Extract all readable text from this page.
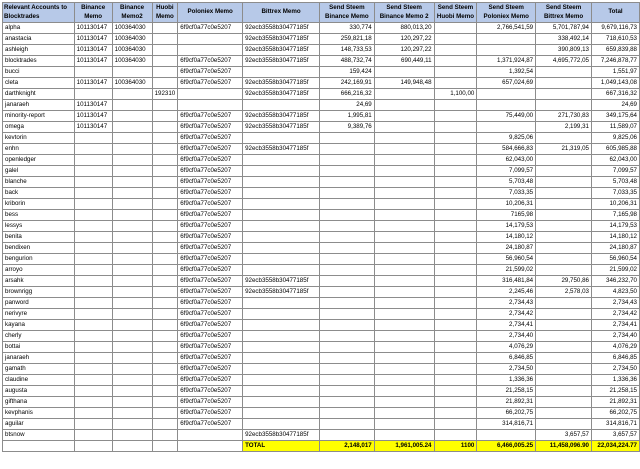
Relevant Accounts to Blocktrades	Binance Memo	Binance Memo2	Huobi Memo	Poloniex Memo	Bittrex Memo	Send Steem Binance Memo	Send Steem Binance Memo 2	Send Steem Huobi Memo	Send Steem Poloniex Memo	Send Steem Bittrex Memo	Total
alpha	101130147	100364030		6f9cf0a77c0e5207	92ecb3558b30477185f	330,774	880,013,20		2,766,541,59	5,701,787,94	9,679,116,73
anastacia	101130147	100364030			92ecb3558b30477185f	259,821,18	120,297,22			338,492,14	718,610,53
ashleigh	101130147	100364030			92ecb3558b30477185f	148,733,53	120,297,22			390,809,13	659,839,88
blocktrades	101130147	100364030		6f9cf0a77c0e5207	92ecb3558b30477185f	488,732,74	690,449,11		1,371,924,87	4,695,772,05	7,246,878,77
bucci				6f9cf0a77c0e5207		159,424			1,392,54		1,551,97
cleta	101130147	100364030		6f9cf0a77c0e5207	92ecb3558b30477185f	242,169,91	149,948,48		657,024,69		1,049,143,08
darthknight			192310		92ecb3558b30477185f	666,216,32		1,100,00			667,316,32
janaraeh	101130147					24,69					24,69
minority-report	101130147			6f9cf0a77c0e5207	92ecb3558b30477185f	1,995,81			75,449,00	271,730,83	349,175,64
omega	101130147			6f9cf0a77c0e5207	92ecb3558b30477185f	9,389,76				2,199,31	11,589,07
kevtorin				6f9cf0a77c0e5207					9,825,06		9,825,06
enhn				6f9cf0a77c0e5207	92ecb3558b30477185f				584,666,83	21,319,05	605,985,88
openledger				6f9cf0a77c0e5207					62,043,00		62,043,00
galel				6f9cf0a77c0e5207					7,099,57		7,099,57
blanche				6f9cf0a77c0e5207					5,703,48		5,703,48
back				6f9cf0a77c0e5207					7,033,35		7,033,35
kriborin				6f9cf0a77c0e5207					10,206,31		10,206,31
bess				6f9cf0a77c0e5207					7165,98		7,165,98
lessys				6f9cf0a77c0e5207					14,179,53		14,179,53
benita				6f9cf0a77c0e5207					14,180,12		14,180,12
bendixen				6f9cf0a77c0e5207					24,180,87		24,180,87
bengurion				6f9cf0a77c0e5207					56,960,54		56,960,54
arroyo				6f9cf0a77c0e5207					21,599,02		21,599,02
arsahk				6f9cf0a77c0e5207	92ecb3558b30477185f				316,481,84	29,750,86	346,232,70
brownrigg				6f9cf0a77c0e5207	92ecb3558b30477185f				2,245,46	2,578,03	4,823,50
panword				6f9cf0a77c0e5207					2,734,43		2,734,43
nerivyre				6f9cf0a77c0e5207					2,734,42		2,734,42
kayana				6f9cf0a77c0e5207					2,734,41		2,734,41
cherly				6f9cf0a77c0e5207					2,734,40		2,734,40
bottai				6f9cf0a77c0e5207					4,076,29		4,076,29
janaraeh				6f9cf0a77c0e5207					6,846,85		6,846,85
gamath				6f9cf0a77c0e5207					2,734,50		2,734,50
claudine				6f9cf0a77c0e5207					1,336,36		1,336,36
augusta				6f9cf0a77c0e5207					21,258,15		21,258,15
gifthana				6f9cf0a77c0e5207					21,892,31		21,892,31
kevphanis				6f9cf0a77c0e5207					66,202,75		66,202,75
aguilar				6f9cf0a77c0e5207					314,816,71		314,816,71
btsnow					92ecb3558b30477185f					3,657,57	3,657,57
					TOTAL	2,148,017	1,961,005.24	1100	6,466,005.25	11,458,096.90	22,034,224.77
